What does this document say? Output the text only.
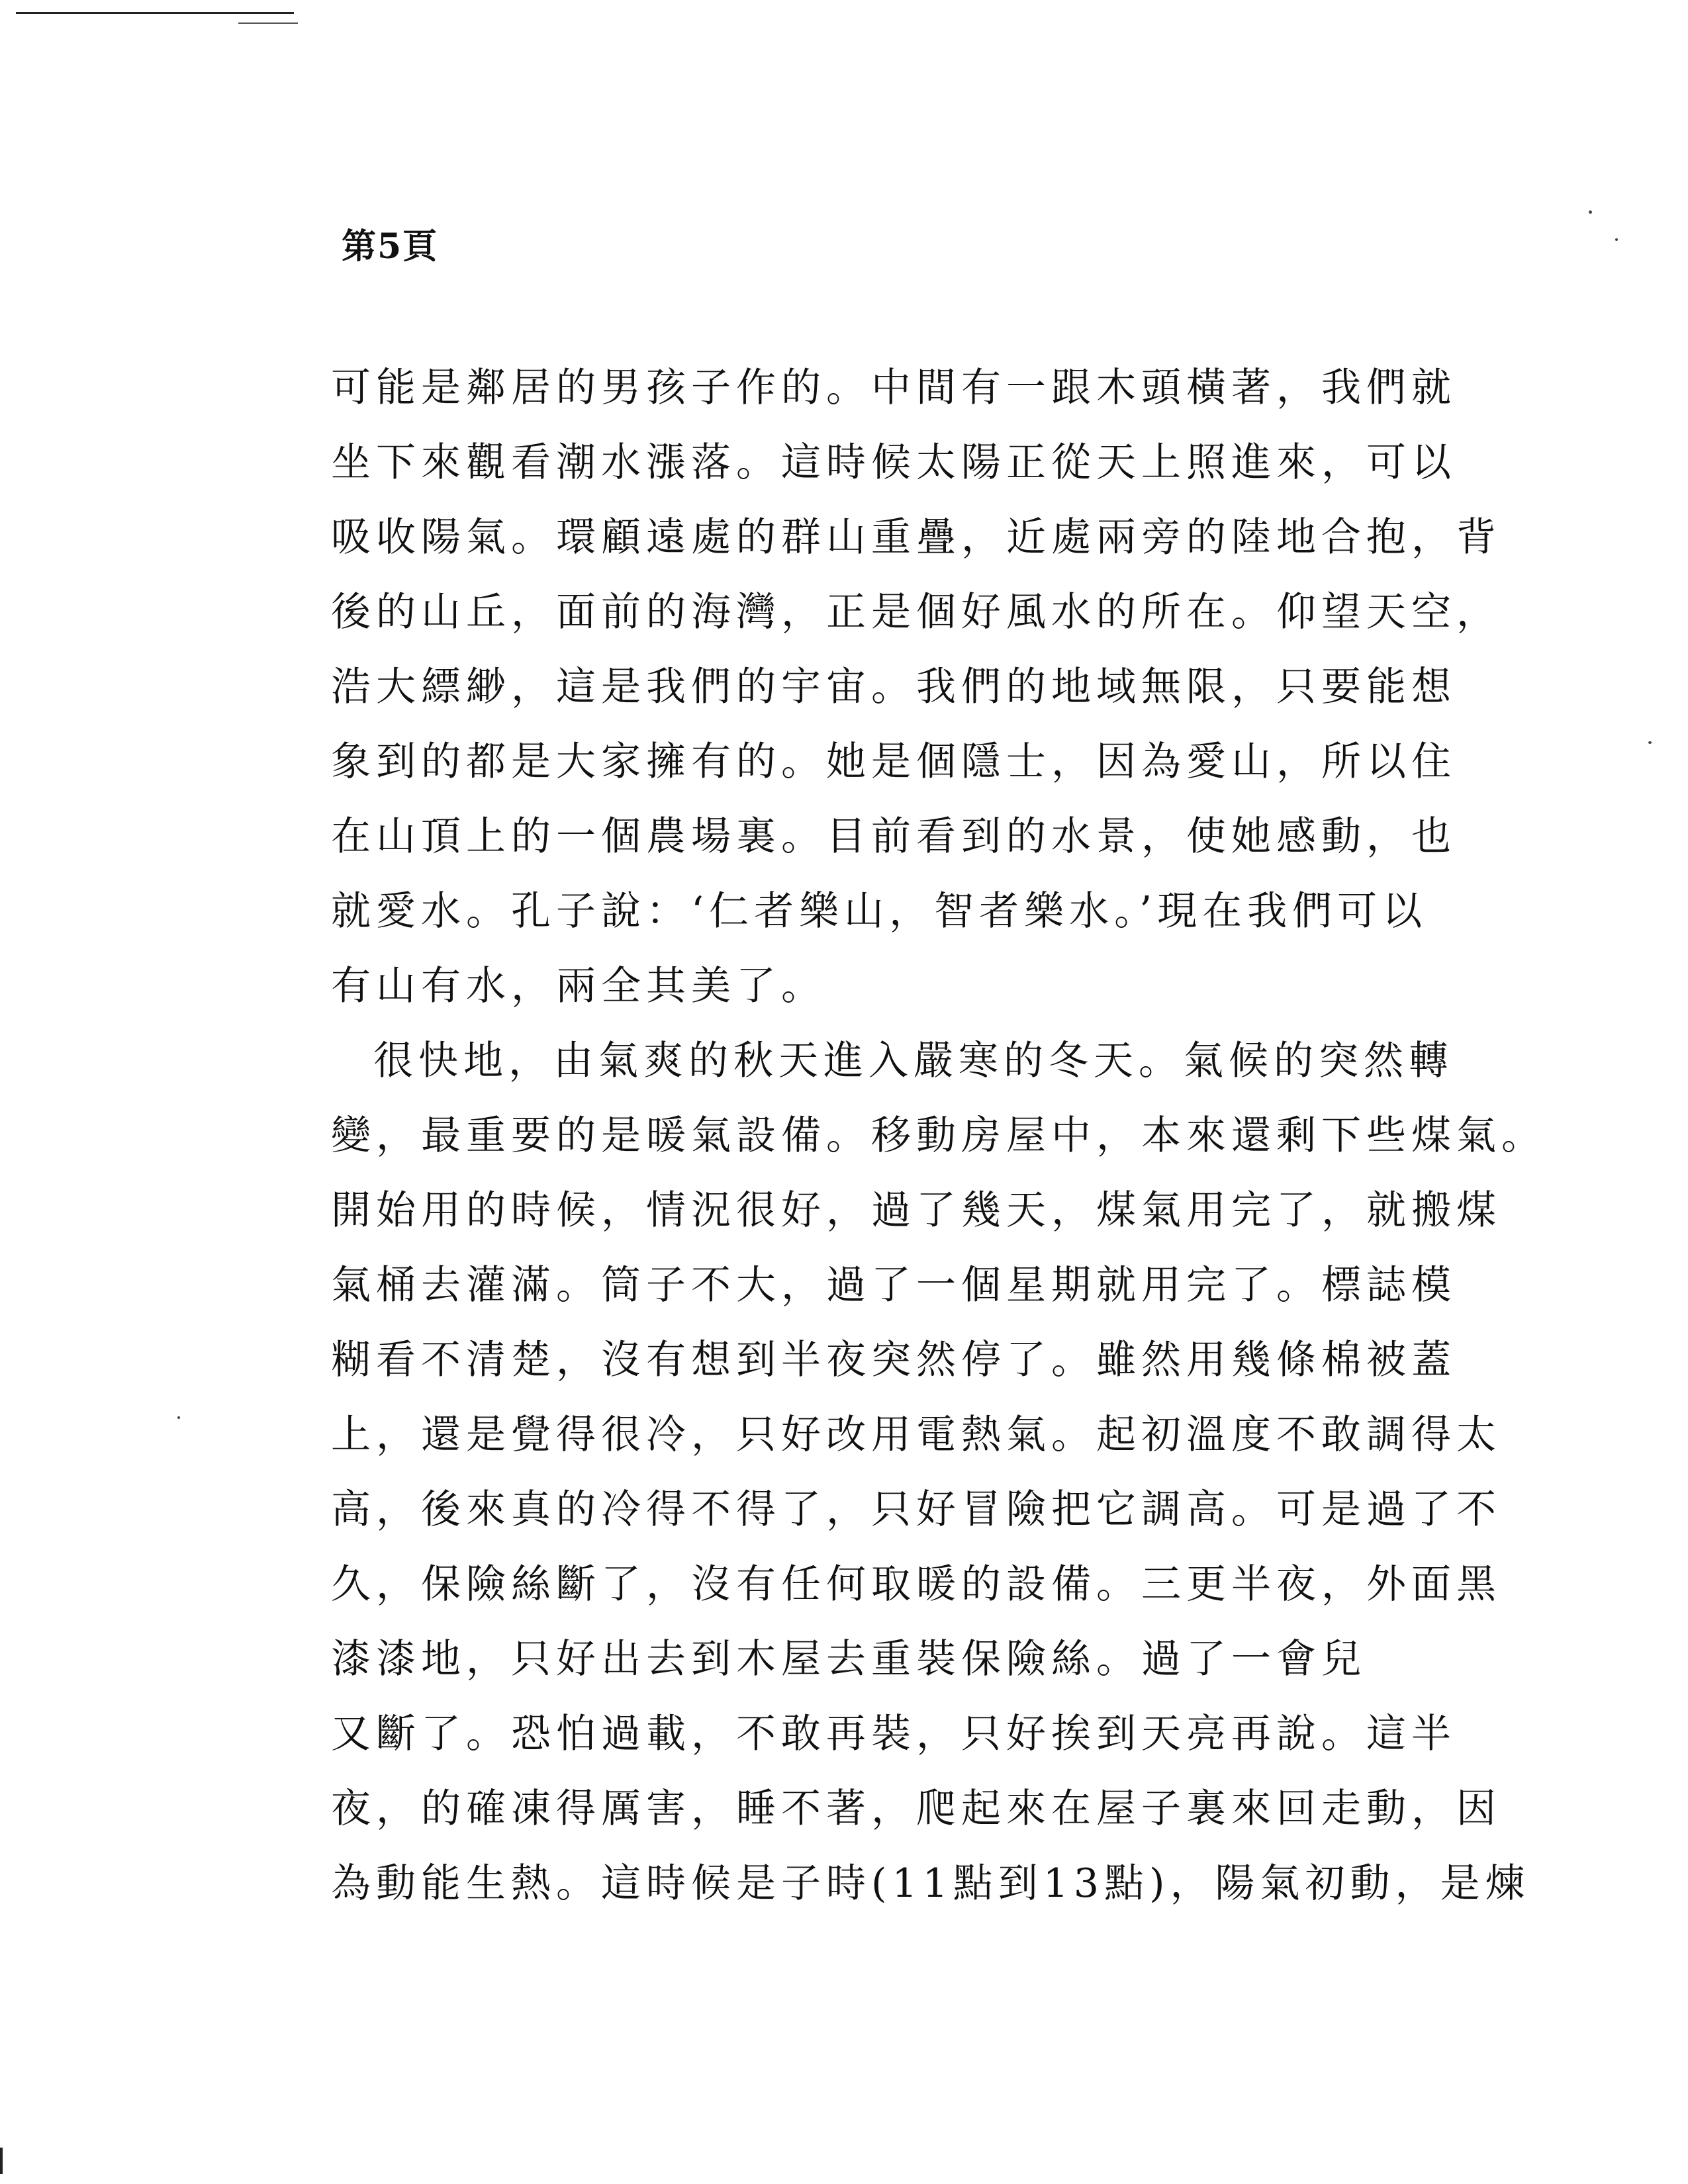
第5頁
可能是鄰居的男孩子作的。中間有一跟木頭橫著，我們就
坐下來觀看潮水漲落。這時候太陽正從天上照進來，可以
吸收陽氣。環顧遠處的群山重疊，近處兩旁的陸地合抱，背
後的山丘，面前的海灣，正是個好風水的所在。仰望天空，
浩大縹緲，這是我們的宇宙。我們的地域無限，只要能想
象到的都是大家擁有的。她是個隱士，因為愛山，所以住
在山頂上的一個農場裏。目前看到的水景，使她感動，也
就愛水。孔子說：‘仁者樂山，智者樂水。’現在我們可以
有山有水，兩全其美了。
很快地，由氣爽的秋天進入嚴寒的冬天。氣候的突然轉
變，最重要的是暖氣設備。移動房屋中，本來還剩下些煤氣。
開始用的時候，情況很好，過了幾天，煤氣用完了，就搬煤
氣桶去灌滿。筒子不大，過了一個星期就用完了。標誌模
糊看不清楚，沒有想到半夜突然停了。雖然用幾條棉被蓋
上，還是覺得很冷，只好改用電熱氣。起初溫度不敢調得太
高，後來真的冷得不得了，只好冒險把它調高。可是過了不
久，保險絲斷了，沒有任何取暖的設備。三更半夜，外面黑
漆漆地，只好出去到木屋去重裝保險絲。過了一會兒
又斷了。恐怕過載，不敢再裝，只好挨到天亮再說。這半
夜，的確凍得厲害，睡不著，爬起來在屋子裏來回走動，因
為動能生熱。這時候是子時(11點到13點)，陽氣初動，是煉
